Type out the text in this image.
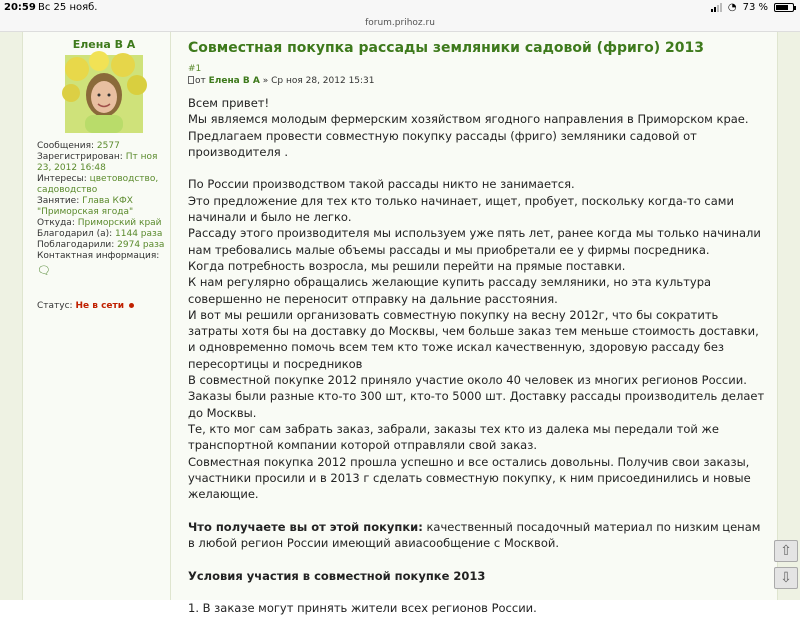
20:59 Вс 25 нояб.	◔ 73 %
forum.prihoz.ru
Елена В А
Сообщения: 2577
Зарегистрирован: Пт ноя 23, 2012 16:48
Интересы: цветоводство, садоводство
Занятие: Глава КФХ "Приморская ягода"
Откуда: Приморский край
Благодарил (а): 1144 раза
Поблагодарили: 2974 раза
Контактная информация:
🗨
Статус: Не в сети
Совместная покупка рассады земляники садовой (фриго) 2013
#1
от Елена В А » Ср ноя 28, 2012 15:31

Всем привет!

Мы являемся молодым фермерским хозяйством ягодного направления в Приморском крае.

Предлагаем провести совместную покупку рассады (фриго) земляники садовой от производителя .

По России производством такой рассады никто не занимается.

Это предложение для тех кто только начинает, ищет, пробует, поскольку когда-то сами начинали и было не легко.

Рассаду этого производителя мы используем уже пять лет, ранее когда мы только начинали нам требовались малые объемы рассады и мы приобретали ее у фирмы посредника.

Когда потребность возросла, мы решили перейти на прямые поставки.

К нам регулярно обращались желающие купить рассаду земляники, но эта культура совершенно не переносит отправку на дальние расстояния.

И вот мы решили организовать совместную покупку на весну 2012г, что бы сократить затраты хотя бы на доставку до Москвы, чем больше заказ тем меньше стоимость доставки, и одновременно помочь всем тем кто тоже искал качественную, здоровую рассаду без пересортицы и посредников

В совместной покупке 2012 приняло участие около 40 человек из многих регионов России. Заказы были разные кто-то 300 шт, кто-то 5000 шт. Доставку рассады производитель делает до Москвы.

Те, кто мог сам забрать заказ, забрали, заказы тех кто из далека мы передали той же транспортной компании которой отправляли свой заказ.

Совместная покупка 2012 прошла успешно и все остались довольны. Получив свои заказы, участники просили и в 2013 г сделать совместную покупку, к ним присоединились и новые желающие.

Что получаете вы от этой покупки: качественный посадочный материал по низким ценам в любой регион России имеющий авиасообщение с Москвой.

Условия участия в совместной покупке 2013

1. В заказе могут принять жители всех регионов России.

⇧
⇩
